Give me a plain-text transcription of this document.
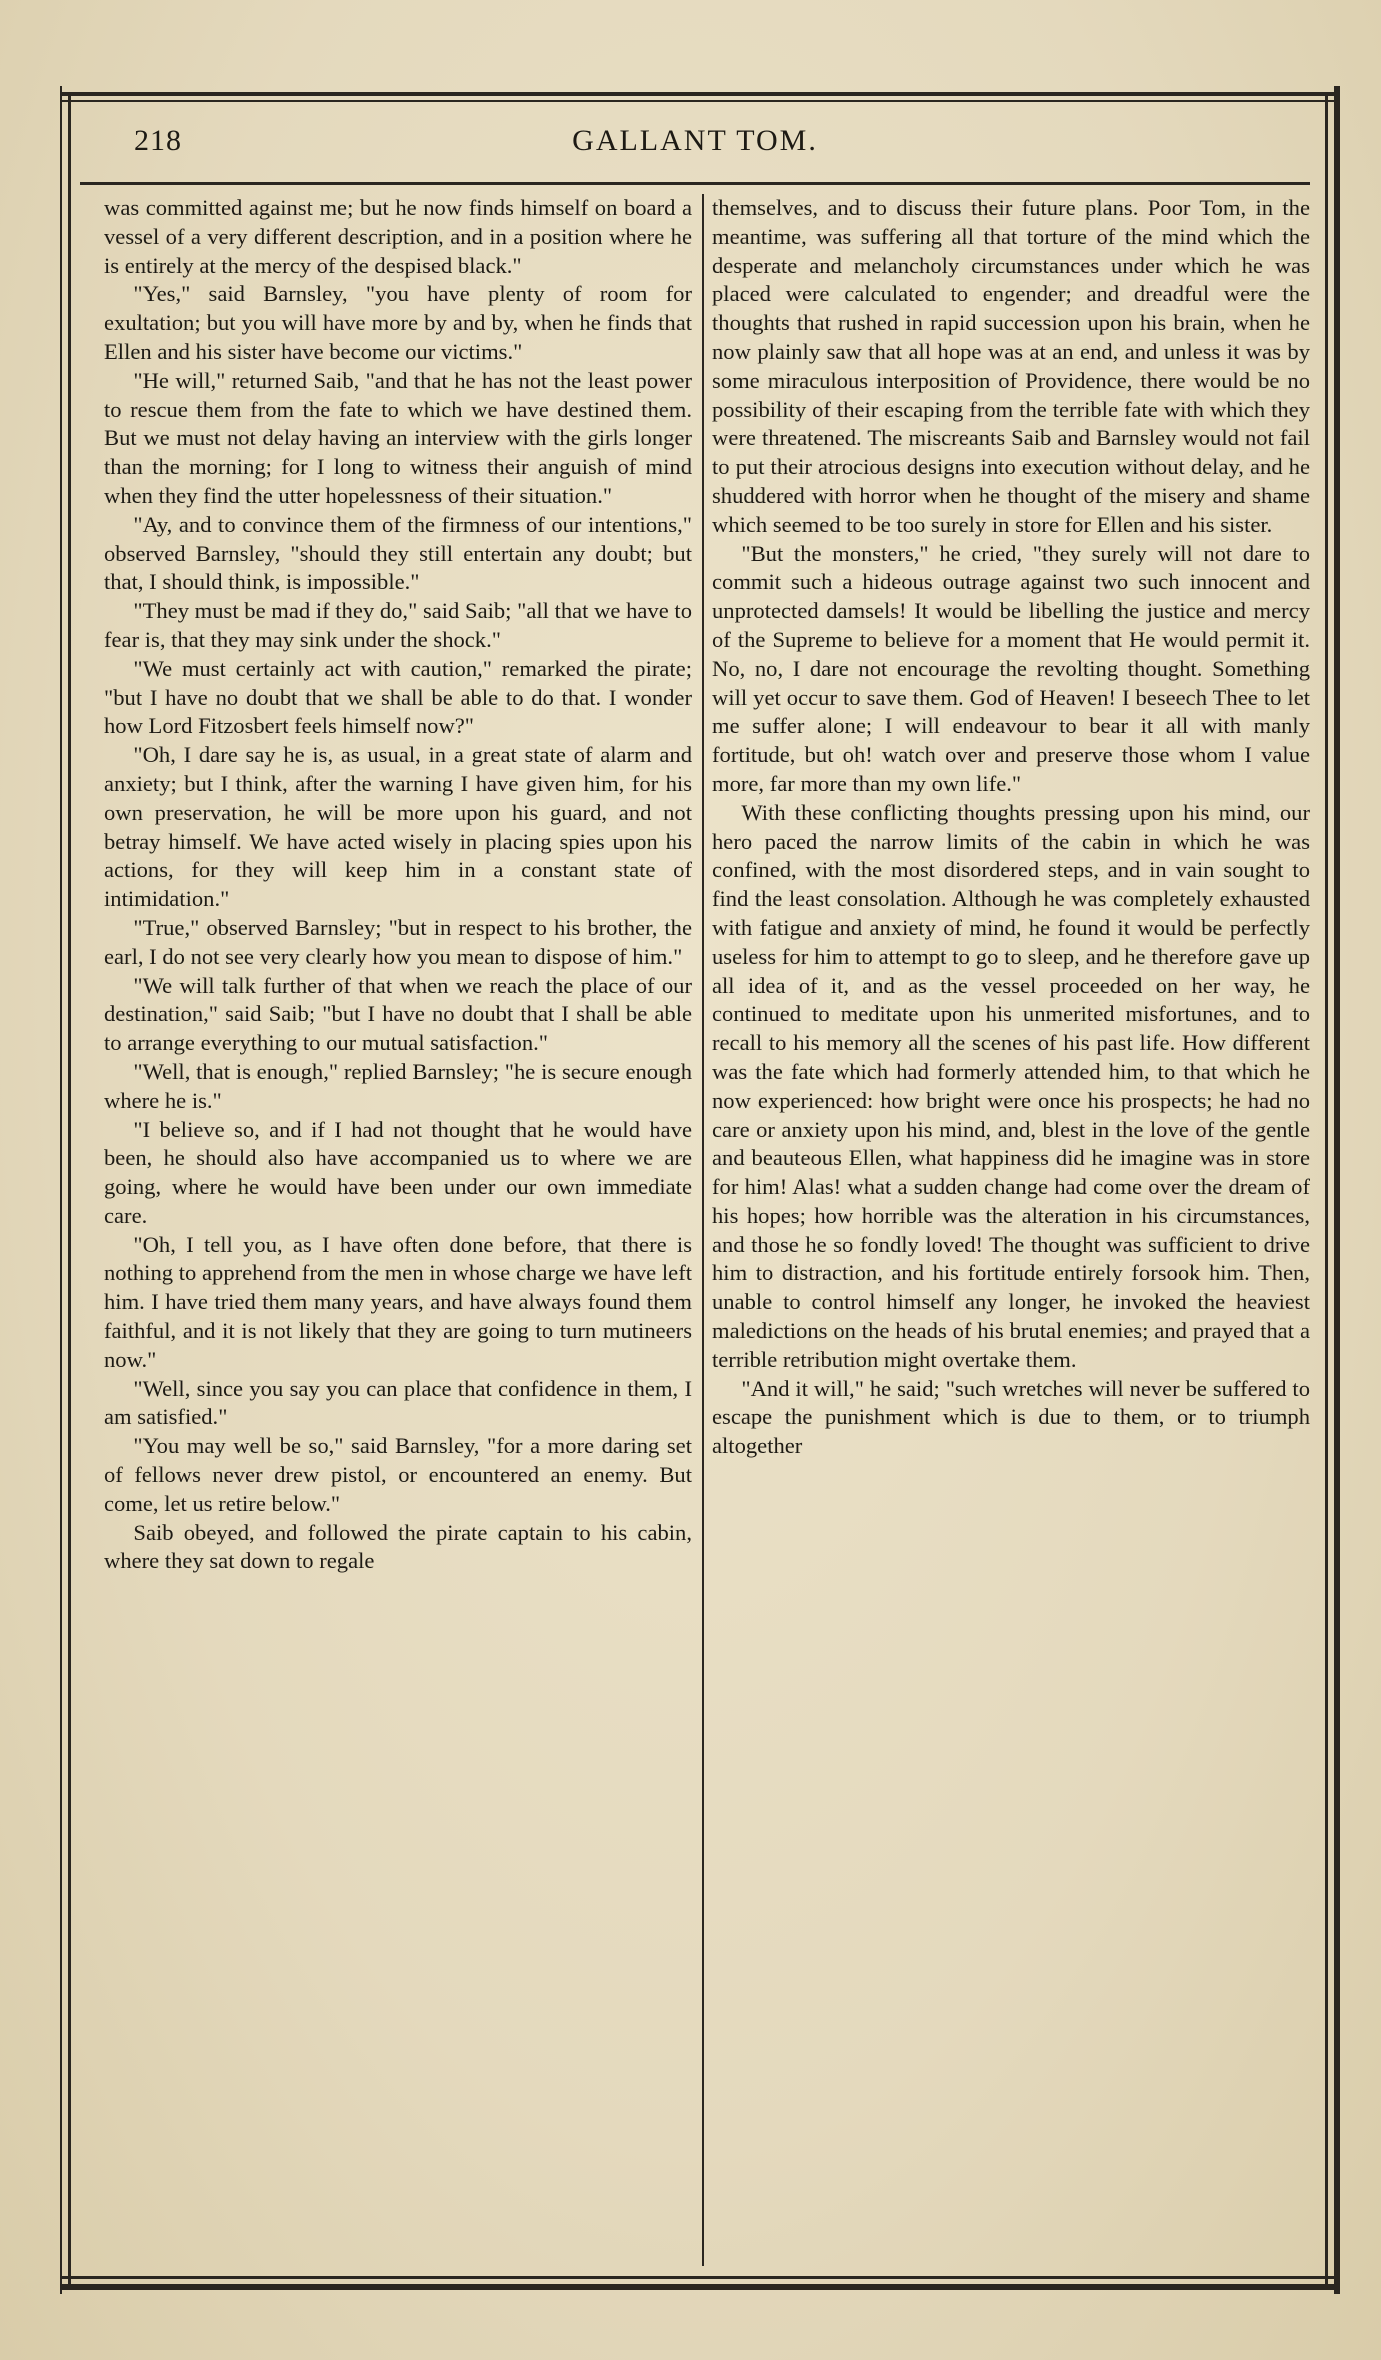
218	GALLANT TOM.

was committed against me; but he now finds himself on board a vessel of a very different description, and in a position where he is entirely at the mercy of the despised black."

"Yes," said Barnsley, "you have plenty of room for exultation; but you will have more by and by, when he finds that Ellen and his sister have become our victims."

"He will," returned Saib, "and that he has not the least power to rescue them from the fate to which we have destined them. But we must not delay having an interview with the girls longer than the morning; for I long to witness their anguish of mind when they find the utter hopelessness of their situation."

"Ay, and to convince them of the firmness of our intentions," observed Barnsley, "should they still entertain any doubt; but that, I should think, is impossible."

"They must be mad if they do," said Saib; "all that we have to fear is, that they may sink under the shock."

"We must certainly act with caution," remarked the pirate; "but I have no doubt that we shall be able to do that. I wonder how Lord Fitzosbert feels himself now?"

"Oh, I dare say he is, as usual, in a great state of alarm and anxiety; but I think, after the warning I have given him, for his own preservation, he will be more upon his guard, and not betray himself. We have acted wisely in placing spies upon his actions, for they will keep him in a constant state of intimidation."

"True," observed Barnsley; "but in respect to his brother, the earl, I do not see very clearly how you mean to dispose of him."

"We will talk further of that when we reach the place of our destination," said Saib; "but I have no doubt that I shall be able to arrange everything to our mutual satisfaction."

"Well, that is enough," replied Barnsley; "he is secure enough where he is."

"I believe so, and if I had not thought that he would have been, he should also have accompanied us to where we are going, where he would have been under our own immediate care.

"Oh, I tell you, as I have often done before, that there is nothing to apprehend from the men in whose charge we have left him. I have tried them many years, and have always found them faithful, and it is not likely that they are going to turn mutineers now."

"Well, since you say you can place that confidence in them, I am satisfied."

"You may well be so," said Barnsley, "for a more daring set of fellows never drew pistol, or encountered an enemy. But come, let us retire below."

Saib obeyed, and followed the pirate captain to his cabin, where they sat down to regale

themselves, and to discuss their future plans. Poor Tom, in the meantime, was suffering all that torture of the mind which the desperate and melancholy circumstances under which he was placed were calculated to engender; and dreadful were the thoughts that rushed in rapid succession upon his brain, when he now plainly saw that all hope was at an end, and unless it was by some miraculous interposition of Providence, there would be no possibility of their escaping from the terrible fate with which they were threatened. The miscreants Saib and Barnsley would not fail to put their atrocious designs into execution without delay, and he shuddered with horror when he thought of the misery and shame which seemed to be too surely in store for Ellen and his sister.

"But the monsters," he cried, "they surely will not dare to commit such a hideous outrage against two such innocent and unprotected damsels! It would be libelling the justice and mercy of the Supreme to believe for a moment that He would permit it. No, no, I dare not encourage the revolting thought. Something will yet occur to save them. God of Heaven! I beseech Thee to let me suffer alone; I will endeavour to bear it all with manly fortitude, but oh! watch over and preserve those whom I value more, far more than my own life."

With these conflicting thoughts pressing upon his mind, our hero paced the narrow limits of the cabin in which he was confined, with the most disordered steps, and in vain sought to find the least consolation. Although he was completely exhausted with fatigue and anxiety of mind, he found it would be perfectly useless for him to attempt to go to sleep, and he therefore gave up all idea of it, and as the vessel proceeded on her way, he continued to meditate upon his unmerited misfortunes, and to recall to his memory all the scenes of his past life. How different was the fate which had formerly attended him, to that which he now experienced: how bright were once his prospects; he had no care or anxiety upon his mind, and, blest in the love of the gentle and beauteous Ellen, what happiness did he imagine was in store for him! Alas! what a sudden change had come over the dream of his hopes; how horrible was the alteration in his circumstances, and those he so fondly loved! The thought was sufficient to drive him to distraction, and his fortitude entirely forsook him. Then, unable to control himself any longer, he invoked the heaviest maledictions on the heads of his brutal enemies; and prayed that a terrible retribution might overtake them.

"And it will," he said; "such wretches will never be suffered to escape the punishment which is due to them, or to triumph altogether
